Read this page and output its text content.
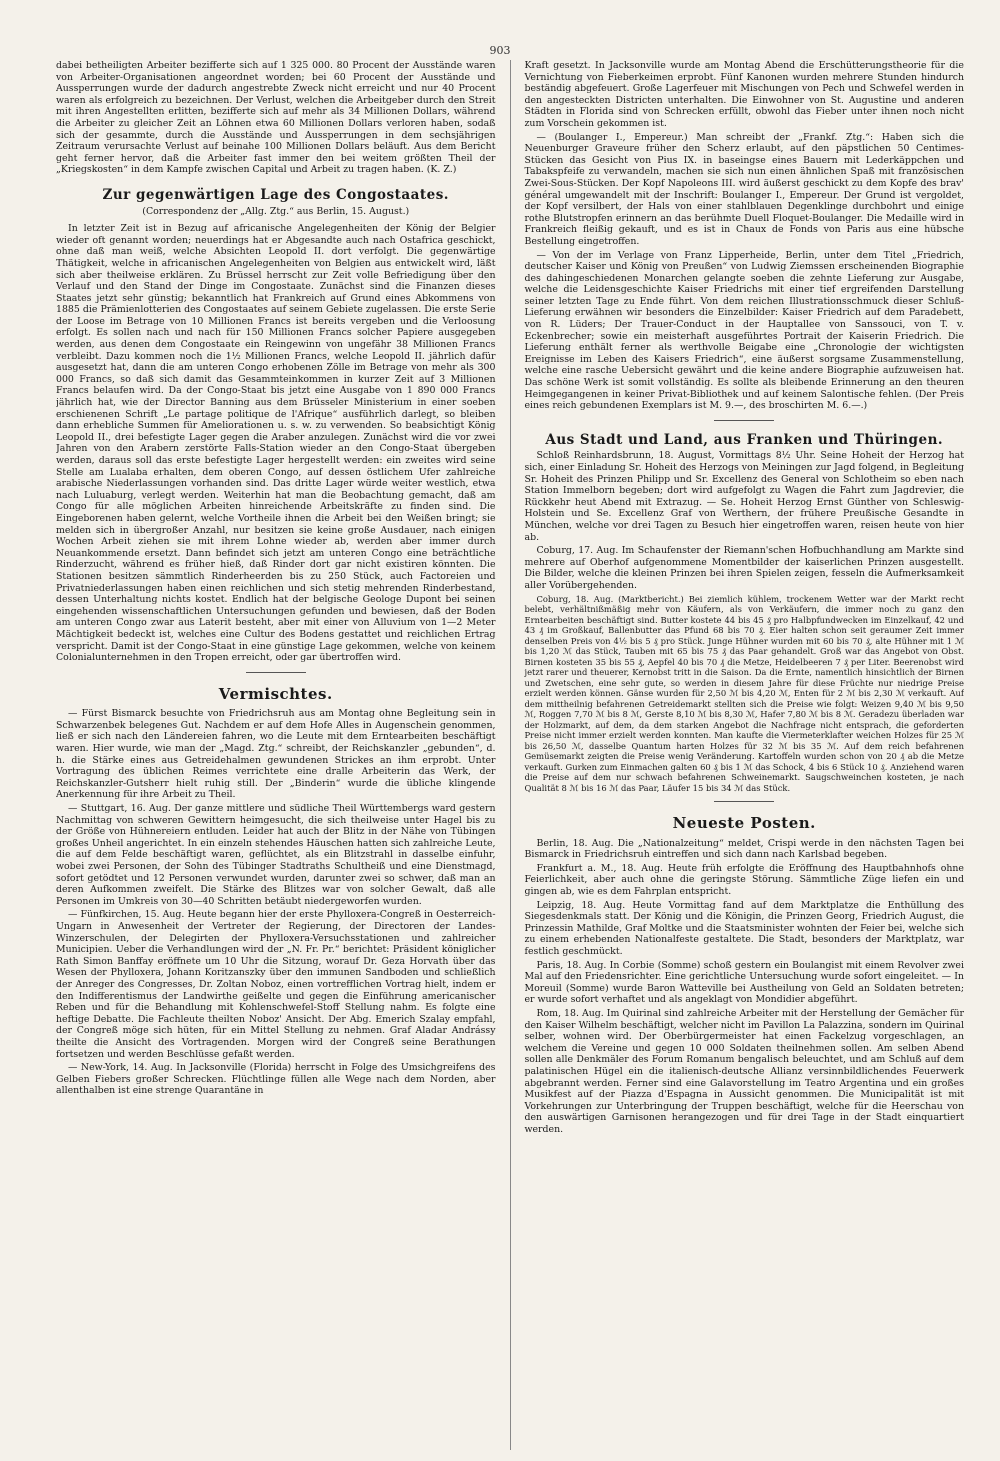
903

dabei betheiligten Arbeiter bezifferte sich auf 1 325 000. 80 Procent der Ausstände waren von Arbeiter-Organisationen angeordnet worden; bei 60 Procent der Ausstände und Aussperrungen wurde der dadurch angestrebte Zweck nicht erreicht und nur 40 Procent waren als erfolgreich zu bezeichnen. Der Verlust, welchen die Arbeitgeber durch den Streit mit ihren Angestellten erlitten, bezifferte sich auf mehr als 34 Millionen Dollars, während die Arbeiter zu gleicher Zeit an Löhnen etwa 60 Millionen Dollars verloren haben, sodaß sich der gesammte, durch die Ausstände und Aussperrungen in dem sechsjährigen Zeitraum verursachte Verlust auf beinahe 100 Millionen Dollars beläuft. Aus dem Bericht geht ferner hervor, daß die Arbeiter fast immer den bei weitem größten Theil der „Kriegskosten“ in dem Kampfe zwischen Capital und Arbeit zu tragen haben. (K. Z.)

Zur gegenwärtigen Lage des Congostaates.
(Correspondenz der „Allg. Ztg.“ aus Berlin, 15. August.)

In letzter Zeit ist in Bezug auf africanische Angelegenheiten der König der Belgier wieder oft genannt worden; neuerdings hat er Abgesandte auch nach Ostafrica geschickt, ohne daß man weiß, welche Absichten Leopold II. dort verfolgt. Die gegenwärtige Thätigkeit, welche in africanischen Angelegenheiten von Belgien aus entwickelt wird, läßt sich aber theilweise erklären. Zu Brüssel herrscht zur Zeit volle Befriedigung über den Verlauf und den Stand der Dinge im Congostaate. Zunächst sind die Finanzen dieses Staates jetzt sehr günstig; bekanntlich hat Frankreich auf Grund eines Abkommens von 1885 die Prämienlotterien des Congostaates auf seinem Gebiete zugelassen. Die erste Serie der Loose im Betrage von 10 Millionen Francs ist bereits vergeben und die Verloosung erfolgt. Es sollen nach und nach für 150 Millionen Francs solcher Papiere ausgegeben werden, aus denen dem Congostaate ein Reingewinn von ungefähr 38 Millionen Francs verbleibt. Dazu kommen noch die 1½ Millionen Francs, welche Leopold II. jährlich dafür ausgesetzt hat, dann die am unteren Congo erhobenen Zölle im Betrage von mehr als 300 000 Francs, so daß sich damit das Gesammteinkommen in kurzer Zeit auf 3 Millionen Francs belaufen wird. Da der Congo-Staat bis jetzt eine Ausgabe von 1 890 000 Francs jährlich hat, wie der Director Banning aus dem Brüsseler Ministerium in einer soeben erschienenen Schrift „Le partage politique de l'Afrique“ ausführlich darlegt, so bleiben dann erhebliche Summen für Ameliorationen u. s. w. zu verwenden. So beabsichtigt König Leopold II., drei befestigte Lager gegen die Araber anzulegen. Zunächst wird die vor zwei Jahren von den Arabern zerstörte Falls-Station wieder an den Congo-Staat übergeben werden, daraus soll das erste befestigte Lager hergestellt werden: ein zweites wird seine Stelle am Lualaba erhalten, dem oberen Congo, auf dessen östlichem Ufer zahlreiche arabische Niederlassungen vorhanden sind. Das dritte Lager würde weiter westlich, etwa nach Luluaburg, verlegt werden. Weiterhin hat man die Beobachtung gemacht, daß am Congo für alle möglichen Arbeiten hinreichende Arbeitskräfte zu finden sind. Die Eingeborenen haben gelernt, welche Vortheile ihnen die Arbeit bei den Weißen bringt; sie melden sich in übergroßer Anzahl, nur besitzen sie keine große Ausdauer, nach einigen Wochen Arbeit ziehen sie mit ihrem Lohne wieder ab, werden aber immer durch Neuankommende ersetzt. Dann befindet sich jetzt am unteren Congo eine beträchtliche Rinderzucht, während es früher hieß, daß Rinder dort gar nicht existiren könnten. Die Stationen besitzen sämmtlich Rinderheerden bis zu 250 Stück, auch Factoreien und Privatniederlassungen haben einen reichlichen und sich stetig mehrenden Rinderbestand, dessen Unterhaltung nichts kostet. Endlich hat der belgische Geologe Dupont bei seinen eingehenden wissenschaftlichen Untersuchungen gefunden und bewiesen, daß der Boden am unteren Congo zwar aus Laterit besteht, aber mit einer von Alluvium von 1—2 Meter Mächtigkeit bedeckt ist, welches eine Cultur des Bodens gestattet und reichlichen Ertrag verspricht. Damit ist der Congo-Staat in eine günstige Lage gekommen, welche von keinem Colonialunternehmen in den Tropen erreicht, oder gar übertroffen wird.

Vermischtes.

— Fürst Bismarck besuchte von Friedrichsruh aus am Montag ohne Begleitung sein in Schwarzenbek belegenes Gut. Nachdem er auf dem Hofe Alles in Augenschein genommen, ließ er sich nach den Ländereien fahren, wo die Leute mit dem Erntearbeiten beschäftigt waren. Hier wurde, wie man der „Magd. Ztg.“ schreibt, der Reichskanzler „gebunden“, d. h. die Stärke eines aus Getreidehalmen gewundenen Strickes an ihm erprobt. Unter Vortragung des üblichen Reimes verrichtete eine dralle Arbeiterin das Werk, der Reichskanzler-Gutsherr hielt ruhig still. Der „Binderin“ wurde die übliche klingende Anerkennung für ihre Arbeit zu Theil.

— Stuttgart, 16. Aug. Der ganze mittlere und südliche Theil Württembergs ward gestern Nachmittag von schweren Gewittern heimgesucht, die sich theilweise unter Hagel bis zu der Größe von Hühnereiern entluden. Leider hat auch der Blitz in der Nähe von Tübingen großes Unheil angerichtet. In ein einzeln stehendes Häuschen hatten sich zahlreiche Leute, die auf dem Felde beschäftigt waren, geflüchtet, als ein Blitzstrahl in dasselbe einfuhr, wobei zwei Personen, der Sohn des Tübinger Stadtraths Schultheiß und eine Dienstmagd, sofort getödtet und 12 Personen verwundet wurden, darunter zwei so schwer, daß man an deren Aufkommen zweifelt. Die Stärke des Blitzes war von solcher Gewalt, daß alle Personen im Umkreis von 30—40 Schritten betäubt niedergeworfen wurden.

— Fünfkirchen, 15. Aug. Heute begann hier der erste Phylloxera-Congreß in Oesterreich-Ungarn in Anwesenheit der Vertreter der Regierung, der Directoren der Landes-Winzerschulen, der Delegirten der Phylloxera-Versuchsstationen und zahlreicher Municipien. Ueber die Verhandlungen wird der „N. Fr. Pr.“ berichtet: Präsident königlicher Rath Simon Banffay eröffnete um 10 Uhr die Sitzung, worauf Dr. Geza Horvath über das Wesen der Phylloxera, Johann Koritzanszky über den immunen Sandboden und schließlich der Anreger des Congresses, Dr. Zoltan Noboz, einen vortrefflichen Vortrag hielt, indem er den Indifferentismus der Landwirthe geißelte und gegen die Einführung americanischer Reben und für die Behandlung mit Kohlenschwefel-Stoff Stellung nahm. Es folgte eine heftige Debatte. Die Fachleute theilten Noboz' Ansicht. Der Abg. Emerich Szalay empfahl, der Congreß möge sich hüten, für ein Mittel Stellung zu nehmen. Graf Aladar Andrássy theilte die Ansicht des Vortragenden. Morgen wird der Congreß seine Berathungen fortsetzen und werden Beschlüsse gefaßt werden.

— New-York, 14. Aug. In Jacksonville (Florida) herrscht in Folge des Umsichgreifens des Gelben Fiebers großer Schrecken. Flüchtlinge füllen alle Wege nach dem Norden, aber allenthalben ist eine strenge Quarantäne in

Kraft gesetzt. In Jacksonville wurde am Montag Abend die Erschütterungstheorie für die Vernichtung von Fieberkeimen erprobt. Fünf Kanonen wurden mehrere Stunden hindurch beständig abgefeuert. Große Lagerfeuer mit Mischungen von Pech und Schwefel werden in den angesteckten Districten unterhalten. Die Einwohner von St. Augustine und anderen Städten in Florida sind von Schrecken erfüllt, obwohl das Fieber unter ihnen noch nicht zum Vorschein gekommen ist.

— (Boulanger I., Empereur.) Man schreibt der „Frankf. Ztg.“: Haben sich die Neuenburger Graveure früher den Scherz erlaubt, auf den päpstlichen 50 Centimes-Stücken das Gesicht von Pius IX. in baseingse eines Bauern mit Lederkäppchen und Tabakspfeife zu verwandeln, machen sie sich nun einen ähnlichen Spaß mit französischen Zwei-Sous-Stücken. Der Kopf Napoleons III. wird äußerst geschickt zu dem Kopfe des brav' général umgewandelt mit der Inschrift: Boulanger I., Empereur. Der Grund ist vergoldet, der Kopf versilbert, der Hals von einer stahlblauen Degenklinge durchbohrt und einige rothe Blutstropfen erinnern an das berühmte Duell Floquet-Boulanger. Die Medaille wird in Frankreich fleißig gekauft, und es ist in Chaux de Fonds von Paris aus eine hübsche Bestellung eingetroffen.

— Von der im Verlage von Franz Lipperheide, Berlin, unter dem Titel „Friedrich, deutscher Kaiser und König von Preußen“ von Ludwig Ziemssen erscheinenden Biographie des dahingeschiedenen Monarchen gelangte soeben die zehnte Lieferung zur Ausgabe, welche die Leidensgeschichte Kaiser Friedrichs mit einer tief ergreifenden Darstellung seiner letzten Tage zu Ende führt. Von dem reichen Illustrationsschmuck dieser Schluß-Lieferung erwähnen wir besonders die Einzelbilder: Kaiser Friedrich auf dem Paradebett, von R. Lüders; Der Trauer-Conduct in der Hauptallee von Sanssouci, von T. v. Eckenbrecher; sowie ein meisterhaft ausgeführtes Portrait der Kaiserin Friedrich. Die Lieferung enthält ferner als werthvolle Beigabe eine „Chronologie der wichtigsten Ereignisse im Leben des Kaisers Friedrich“, eine äußerst sorgsame Zusammenstellung, welche eine rasche Uebersicht gewährt und die keine andere Biographie aufzuweisen hat. Das schöne Werk ist somit vollständig. Es sollte als bleibende Erinnerung an den theuren Heimgegangenen in keiner Privat-Bibliothek und auf keinem Salontische fehlen. (Der Preis eines reich gebundenen Exemplars ist M. 9.—, des broschirten M. 6.—.)

Aus Stadt und Land, aus Franken und Thüringen.

Schloß Reinhardsbrunn, 18. August, Vormittags 8½ Uhr. Seine Hoheit der Herzog hat sich, einer Einladung Sr. Hoheit des Herzogs von Meiningen zur Jagd folgend, in Begleitung Sr. Hoheit des Prinzen Philipp und Sr. Excellenz des General von Schlotheim so eben nach Station Immelborn begeben; dort wird aufgefolgt zu Wagen die Fahrt zum Jagdrevier, die Rückkehr heut Abend mit Extrazug. — Se. Hoheit Herzog Ernst Günther von Schleswig-Holstein und Se. Excellenz Graf von Werthern, der frühere Preußische Gesandte in München, welche vor drei Tagen zu Besuch hier eingetroffen waren, reisen heute von hier ab.

Coburg, 17. Aug. Im Schaufenster der Riemann'schen Hofbuchhandlung am Markte sind mehrere auf Oberhof aufgenommene Momentbilder der kaiserlichen Prinzen ausgestellt. Die Bilder, welche die kleinen Prinzen bei ihren Spielen zeigen, fesseln die Aufmerksamkeit aller Vorübergehenden.

Coburg, 18. Aug. (Marktbericht.) Bei ziemlich kühlem, trockenem Wetter war der Markt recht belebt, verhältnißmäßig mehr von Käufern, als von Verkäufern, die immer noch zu ganz den Erntearbeiten beschäftigt sind. Butter kostete 44 bis 45 ₰ pro Halbpfundwecken im Einzelkauf, 42 und 43 ₰ im Großkauf, Ballenbutter das Pfund 68 bis 70 ₰. Eier halten schon seit geraumer Zeit immer denselben Preis von 4½ bis 5 ₰ pro Stück. Junge Hühner wurden mit 60 bis 70 ₰, alte Hühner mit 1 ℳ bis 1,20 ℳ das Stück, Tauben mit 65 bis 75 ₰ das Paar gehandelt. Groß war das Angebot von Obst. Birnen kosteten 35 bis 55 ₰, Aepfel 40 bis 70 ₰ die Metze, Heidelbeeren 7 ₰ per Liter. Beerenobst wird jetzt rarer und theuerer, Kernobst tritt in die Saison. Da die Ernte, namentlich hinsichtlich der Birnen und Zwetschen, eine sehr gute, so werden in diesem Jahre für diese Früchte nur niedrige Preise erzielt werden können. Gänse wurden für 2,50 ℳ bis 4,20 ℳ, Enten für 2 ℳ bis 2,30 ℳ verkauft. Auf dem mittheilnig befahrenen Getreidemarkt stellten sich die Preise wie folgt: Weizen 9,40 ℳ bis 9,50 ℳ, Roggen 7,70 ℳ bis 8 ℳ, Gerste 8,10 ℳ bis 8,30 ℳ, Hafer 7,80 ℳ bis 8 ℳ. Geradezu überladen war der Holzmarkt, auf dem, da dem starken Angebot die Nachfrage nicht entsprach, die geforderten Preise nicht immer erzielt werden konnten. Man kaufte die Viermeterklafter weichen Holzes für 25 ℳ bis 26,50 ℳ, dasselbe Quantum harten Holzes für 32 ℳ bis 35 ℳ. Auf dem reich befahrenen Gemüsemarkt zeigten die Preise wenig Veränderung. Kartoffeln wurden schon von 20 ₰ ab die Metze verkauft. Gurken zum Einmachen galten 60 ₰ bis 1 ℳ das Schock, 4 bis 6 Stück 10 ₰. Anziehend waren die Preise auf dem nur schwach befahrenen Schweinemarkt. Saugschweinchen kosteten, je nach Qualität 8 ℳ bis 16 ℳ das Paar, Läufer 15 bis 34 ℳ das Stück.

Neueste Posten.

Berlin, 18. Aug. Die „Nationalzeitung“ meldet, Crispi werde in den nächsten Tagen bei Bismarck in Friedrichsruh eintreffen und sich dann nach Karlsbad begeben.

Frankfurt a. M., 18. Aug. Heute früh erfolgte die Eröffnung des Hauptbahnhofs ohne Feierlichkeit, aber auch ohne die geringste Störung. Sämmtliche Züge liefen ein und gingen ab, wie es dem Fahrplan entspricht.

Leipzig, 18. Aug. Heute Vormittag fand auf dem Marktplatze die Enthüllung des Siegesdenkmals statt. Der König und die Königin, die Prinzen Georg, Friedrich August, die Prinzessin Mathilde, Graf Moltke und die Staatsminister wohnten der Feier bei, welche sich zu einem erhebenden Nationalfeste gestaltete. Die Stadt, besonders der Marktplatz, war festlich geschmückt.

Paris, 18. Aug. In Corbie (Somme) schoß gestern ein Boulangist mit einem Revolver zwei Mal auf den Friedensrichter. Eine gerichtliche Untersuchung wurde sofort eingeleitet. — In Moreuil (Somme) wurde Baron Watteville bei Austheilung von Geld an Soldaten betreten; er wurde sofort verhaftet und als angeklagt von Mondidier abgeführt.

Rom, 18. Aug. Im Quirinal sind zahlreiche Arbeiter mit der Herstellung der Gemächer für den Kaiser Wilhelm beschäftigt, welcher nicht im Pavillon La Palazzina, sondern im Quirinal selber, wohnen wird. Der Oberbürgermeister hat einen Fackelzug vorgeschlagen, an welchem die Vereine und gegen 10 000 Soldaten theilnehmen sollen. Am selben Abend sollen alle Denkmäler des Forum Romanum bengalisch beleuchtet, und am Schluß auf dem palatinischen Hügel ein die italienisch-deutsche Allianz versinnbildlichendes Feuerwerk abgebrannt werden. Ferner sind eine Galavorstellung im Teatro Argentina und ein großes Musikfest auf der Piazza d'Espagna in Aussicht genommen. Die Municipalität ist mit Vorkehrungen zur Unterbringung der Truppen beschäftigt, welche für die Heerschau von den auswärtigen Garnisonen herangezogen und für drei Tage in der Stadt einquartiert werden.
